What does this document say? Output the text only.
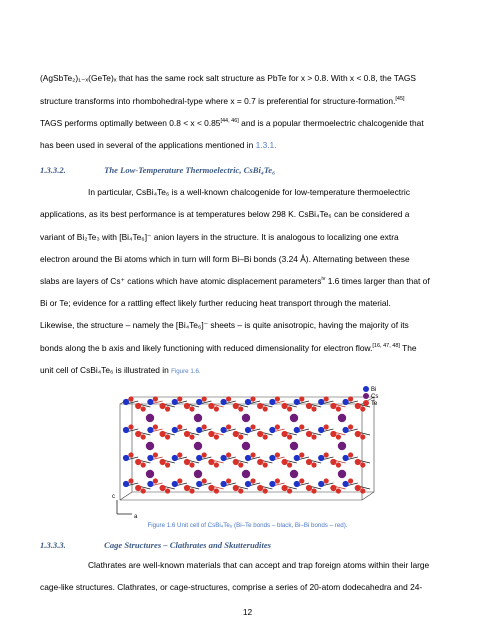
(AgSbTe₂)₁₋ₓ(GeTe)ₓ that has the same rock salt structure as PbTe for x > 0.8. With x < 0.8, the TAGS
structure transforms into rhombohedral-type where x = 0.7 is preferential for structure-formation.[45]
TAGS performs optimally between 0.8 < x < 0.85[44, 46] and is a popular thermoelectric chalcogenide that
has been used in several of the applications mentioned in 1.3.1.
1.3.3.2.	The Low-Temperature Thermoelectric, CsBi₄Te₆
In particular, CsBi₄Te₆ is a well-known chalcogenide for low-temperature thermoelectric
applications, as its best performance is at temperatures below 298 K. CsBi₄Te₆ can be considered a
variant of Bi₂Te₃ with [Bi₄Te₆]⁻ anion layers in the structure. It is analogous to localizing one extra
electron around the Bi atoms which in turn will form Bi–Bi bonds (3.24 Å). Alternating between these
slabs are layers of Cs⁺ cations which have atomic displacement parameters$^{iv}$ 1.6 times larger than that of
Bi or Te; evidence for a rattling effect likely further reducing heat transport through the material.
Likewise, the structure – namely the [Bi₄Te₆]⁻ sheets – is quite anisotropic, having the majority of its
bonds along the b axis and likely functioning with reduced dimensionality for electron flow.[16, 47, 48] The
unit cell of CsBi₄Te₆ is illustrated in Figure 1.6.
Bi
Cs
Te
c
a
Figure 1.6 Unit cell of CsBi₄Te₆ (Bi–Te bonds – black, Bi–Bi bonds – red).
1.3.3.3.	Cage Structures – Clathrates and Skutterudites
Clathrates are well-known materials that can accept and trap foreign atoms within their large
cage-like structures. Clathrates, or cage-structures, comprise a series of 20-atom dodecahedra and 24-
12
